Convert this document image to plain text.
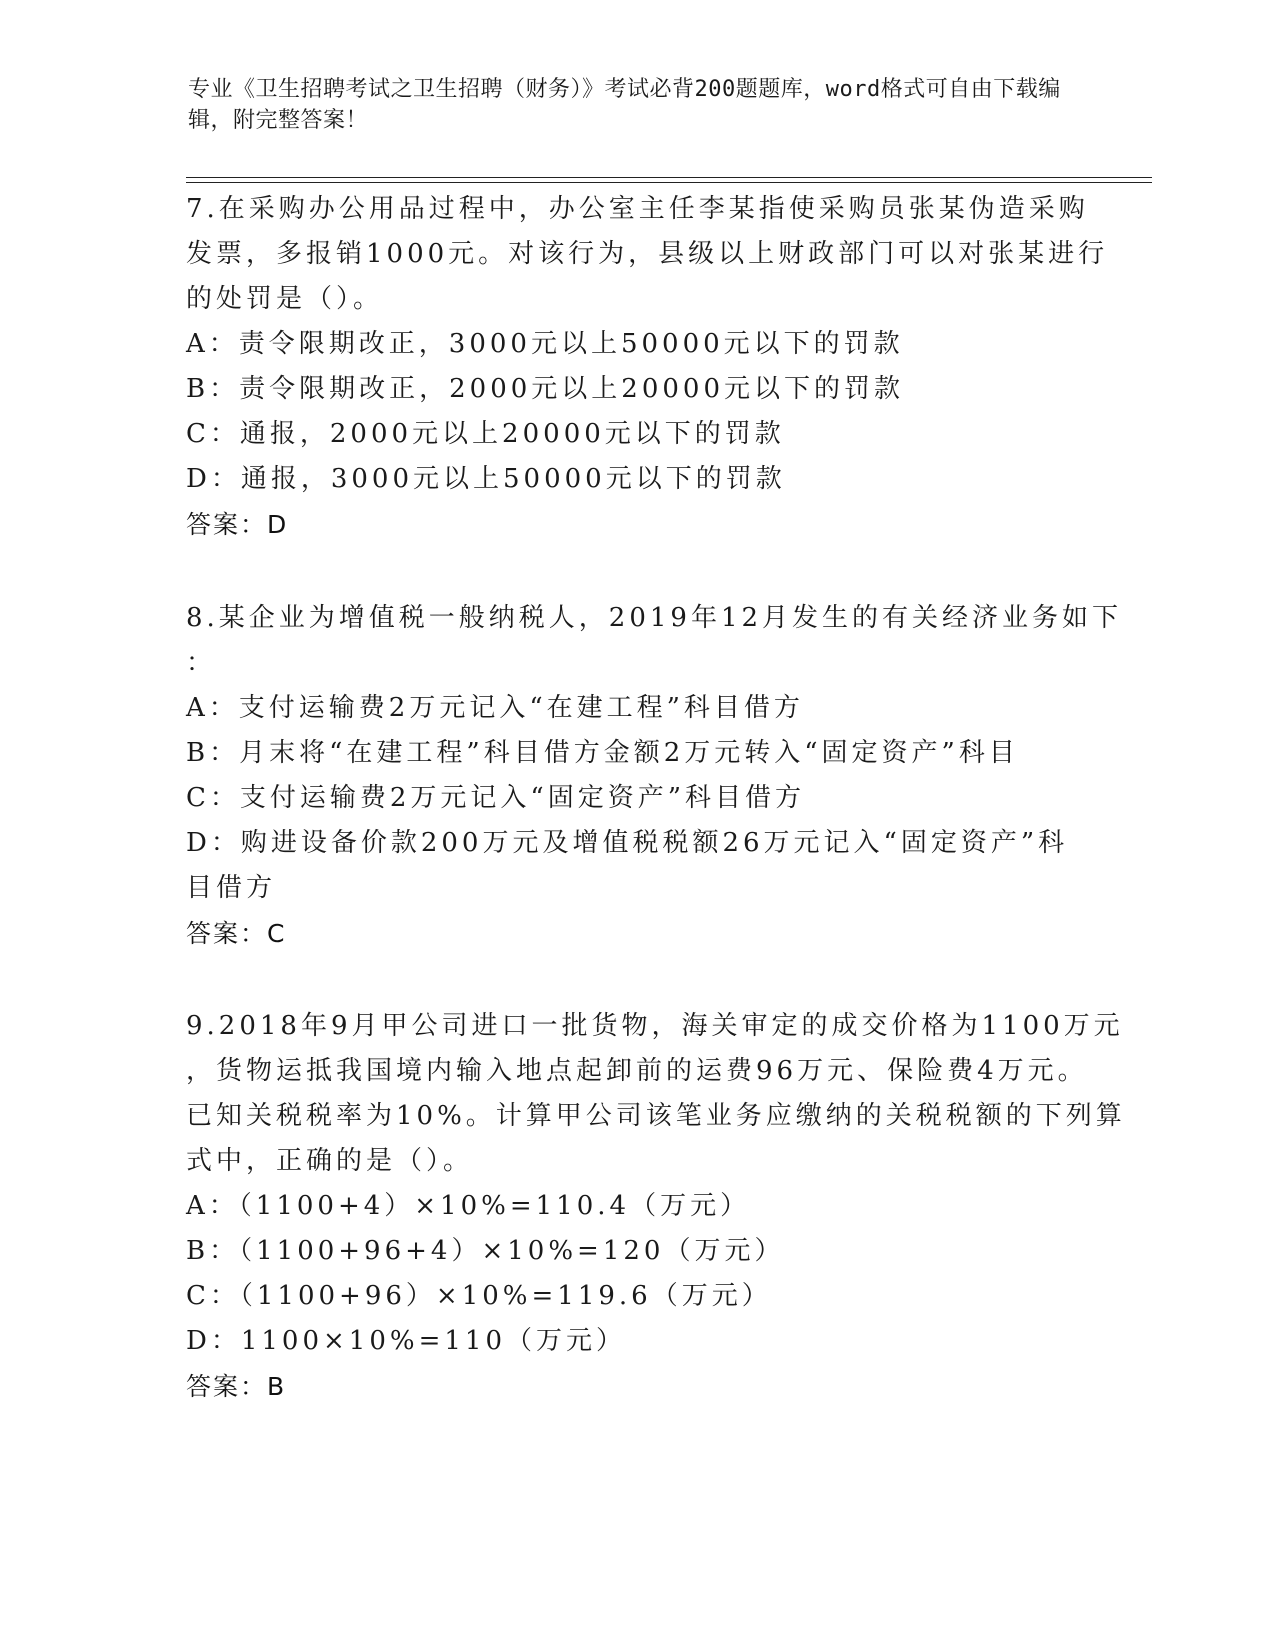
专业《卫生招聘考试之卫生招聘（财务）》考试必背200题题库，word格式可自由下载编辑，附完整答案！
7.在采购办公用品过程中，办公室主任李某指使采购员张某伪造采购
发票，多报销1000元。对该行为，县级以上财政部门可以对张某进行
的处罚是（）。
A：责令限期改正，3000元以上50000元以下的罚款
B：责令限期改正，2000元以上20000元以下的罚款
C：通报，2000元以上20000元以下的罚款
D：通报，3000元以上50000元以下的罚款
答案：D
8.某企业为增值税一般纳税人，2019年12月发生的有关经济业务如下
：
A：支付运输费2万元记入“在建工程”科目借方
B：月末将“在建工程”科目借方金额2万元转入“固定资产”科目
C：支付运输费2万元记入“固定资产”科目借方
D：购进设备价款200万元及增值税税额26万元记入“固定资产”科
目借方
答案：C
9.2018年9月甲公司进口一批货物，海关审定的成交价格为1100万元
，货物运抵我国境内输入地点起卸前的运费96万元、保险费4万元。
已知关税税率为10%。计算甲公司该笔业务应缴纳的关税税额的下列算
式中，正确的是（）。
A：（1100+4）×10%=110.4（万元）
B：（1100+96+4）×10%=120（万元）
C：（1100+96）×10%=119.6（万元）
D：1100×10%=110（万元）
答案：B
